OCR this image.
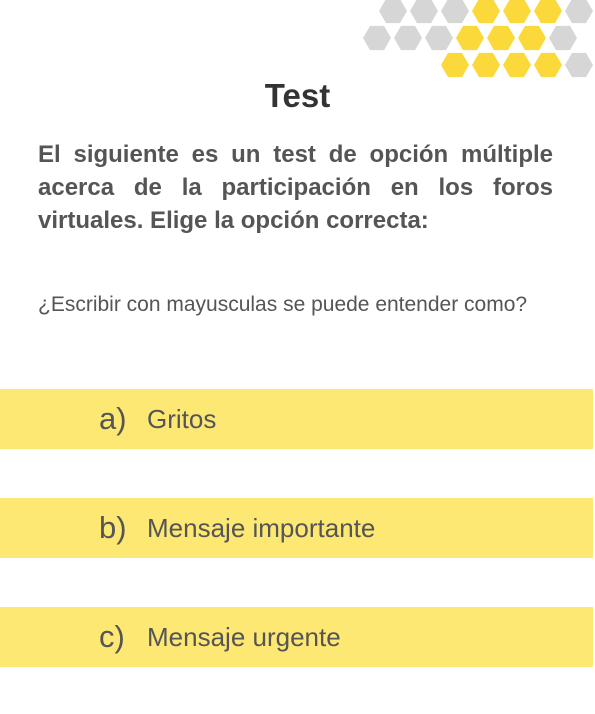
Test
El siguiente es un test de opción múltiple acerca de la participación en los foros virtuales. Elige la opción correcta:
¿Escribir con mayusculas se puede entender como?
a) Gritos
b) Mensaje importante
c) Mensaje urgente
